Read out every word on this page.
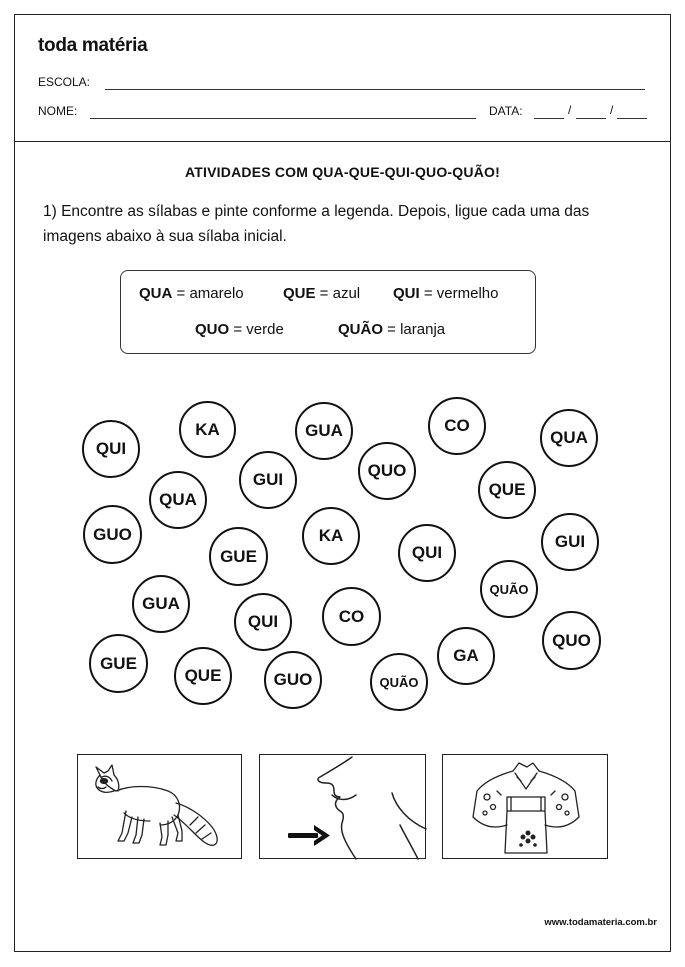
toda matéria
ESCOLA:
NOME:	DATA:	/	/
ATIVIDADES COM QUA-QUE-QUI-QUO-QUÃO!
1) Encontre as sílabas e pinte conforme a legenda. Depois, ligue cada uma das imagens abaixo à sua sílaba inicial.
QUA = amarelo	QUE = azul QUI = vermelho
QUO = verde	QUÃO = laranja
QUI
KA	GUA	CO
QUA
GUI	QUO
QUE
QUA
GUO
GUE
KA
QUI
GUI
QUÃO
GUA
QUI	CO
QUO
GUE
QUE	GUO	QUÃO
GA
www.todamateria.com.br
